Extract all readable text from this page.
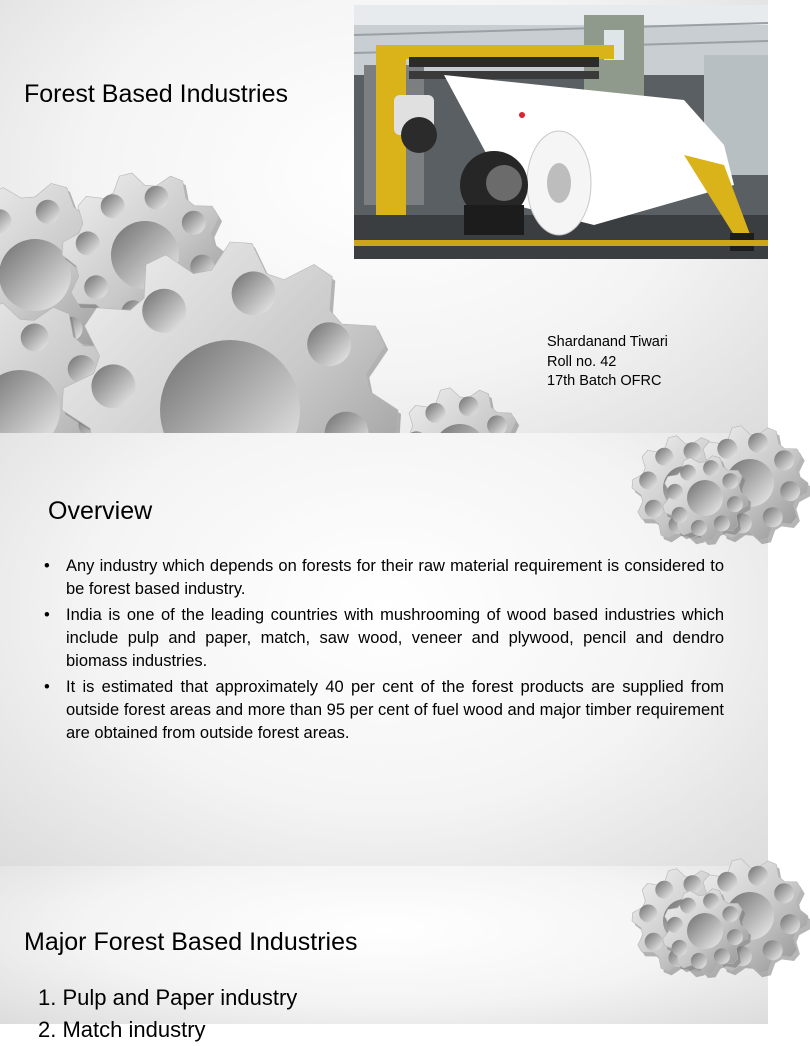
Forest Based Industries
Shardanand Tiwari
Roll no. 42
17th Batch OFRC
Overview
• Any industry which depends on forests for their raw material requirement is considered to be forest based industry.
• India is one of the leading countries with mushrooming of wood based industries which include pulp and paper, match, saw wood, veneer and plywood, pencil and dendro biomass industries.
• It is estimated that approximately 40 per cent of the forest products are supplied from outside forest areas and more than 95 per cent of fuel wood and major timber requirement are obtained from outside forest areas.
Major Forest Based Industries
1. Pulp and Paper industry
2. Match industry
